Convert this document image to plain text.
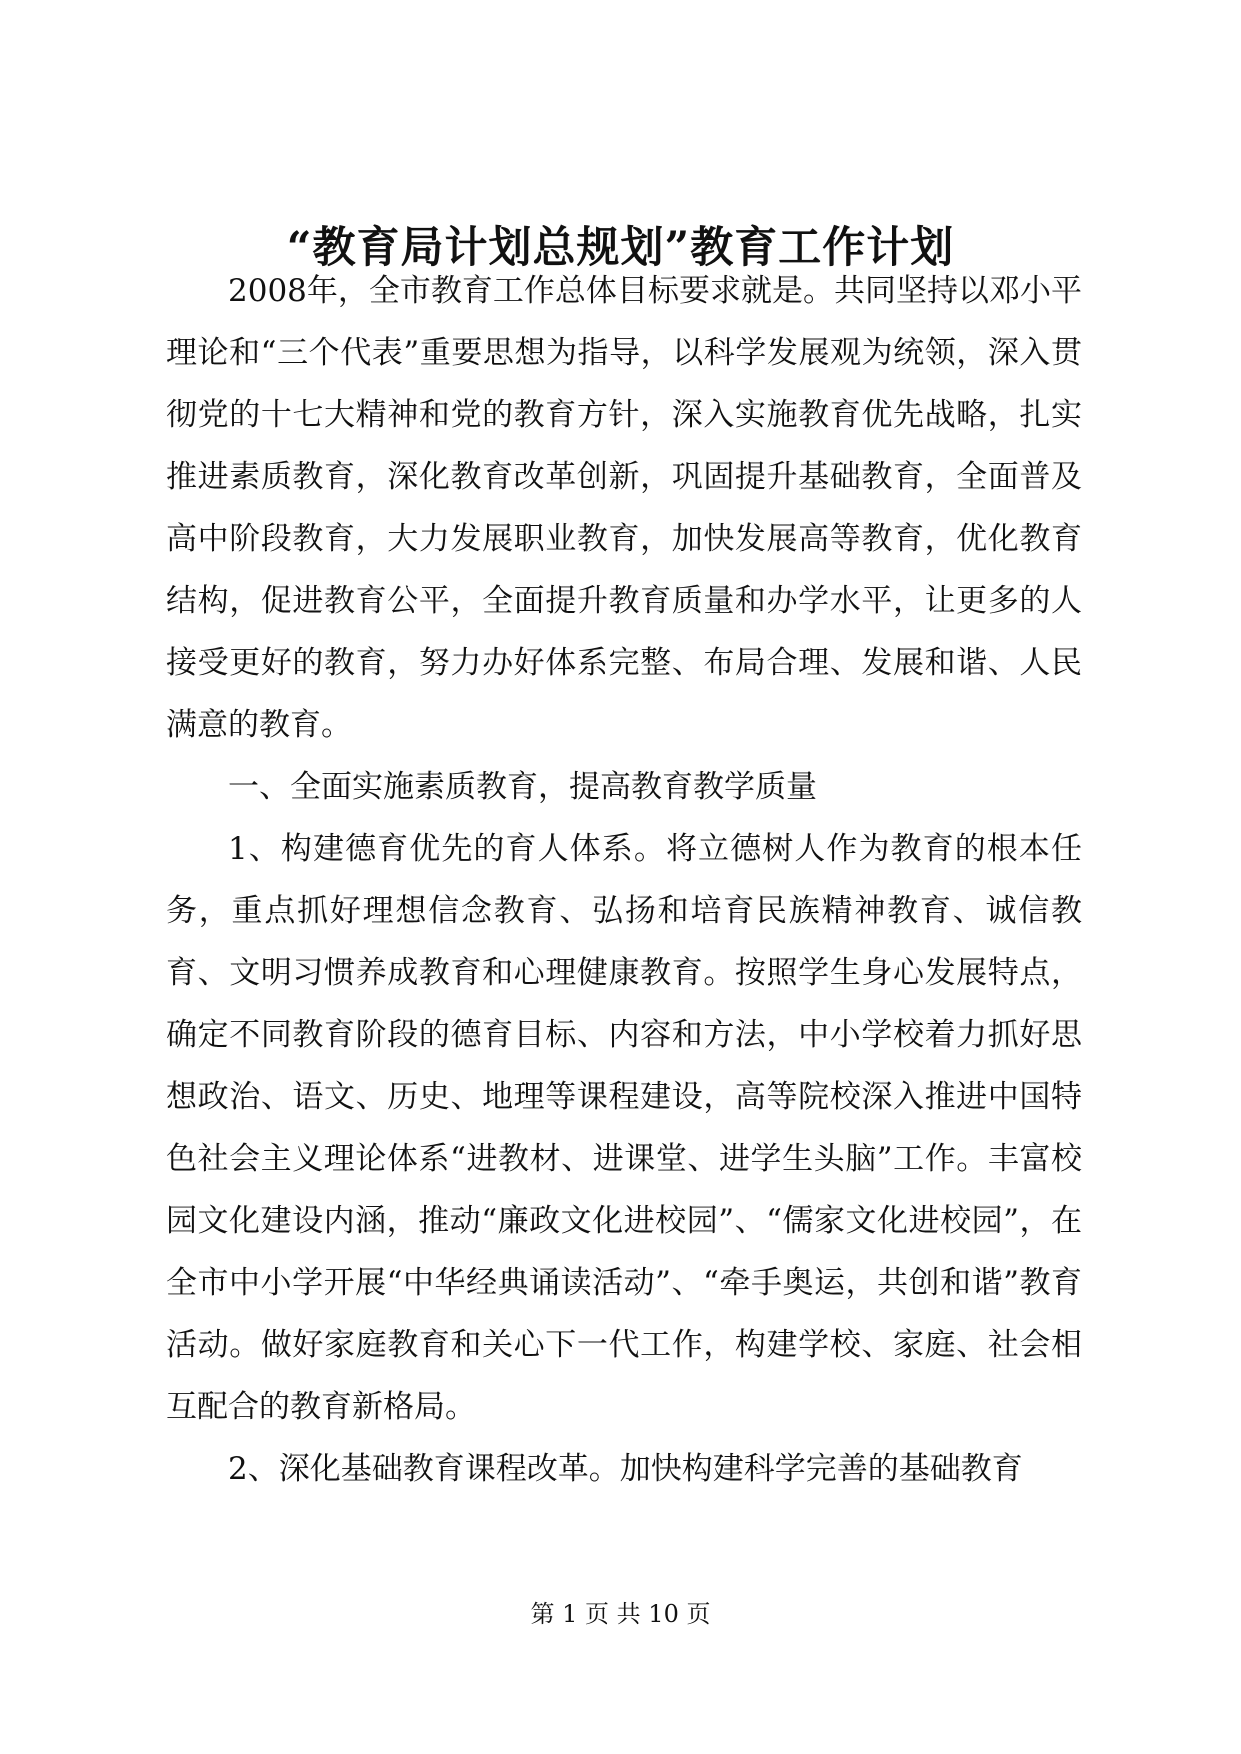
“教育局计划总规划”教育工作计划

2008年，全市教育工作总体目标要求就是。共同坚持以邓小平理论和“三个代表”重要思想为指导，以科学发展观为统领，深入贯彻党的十七大精神和党的教育方针，深入实施教育优先战略，扎实推进素质教育，深化教育改革创新，巩固提升基础教育，全面普及高中阶段教育，大力发展职业教育，加快发展高等教育，优化教育结构，促进教育公平，全面提升教育质量和办学水平，让更多的人接受更好的教育，努力办好体系完整、布局合理、发展和谐、人民满意的教育。

一、全面实施素质教育，提高教育教学质量

1、构建德育优先的育人体系。将立德树人作为教育的根本任务，重点抓好理想信念教育、弘扬和培育民族精神教育、诚信教育、文明习惯养成教育和心理健康教育。按照学生身心发展特点，确定不同教育阶段的德育目标、内容和方法，中小学校着力抓好思想政治、语文、历史、地理等课程建设，高等院校深入推进中国特色社会主义理论体系“进教材、进课堂、进学生头脑”工作。丰富校园文化建设内涵，推动“廉政文化进校园”、“儒家文化进校园”，在全市中小学开展“中华经典诵读活动”、“牵手奥运，共创和谐”教育活动。做好家庭教育和关心下一代工作，构建学校、家庭、社会相互配合的教育新格局。

2、深化基础教育课程改革。加快构建科学完善的基础教育

第 1 页 共 10 页
